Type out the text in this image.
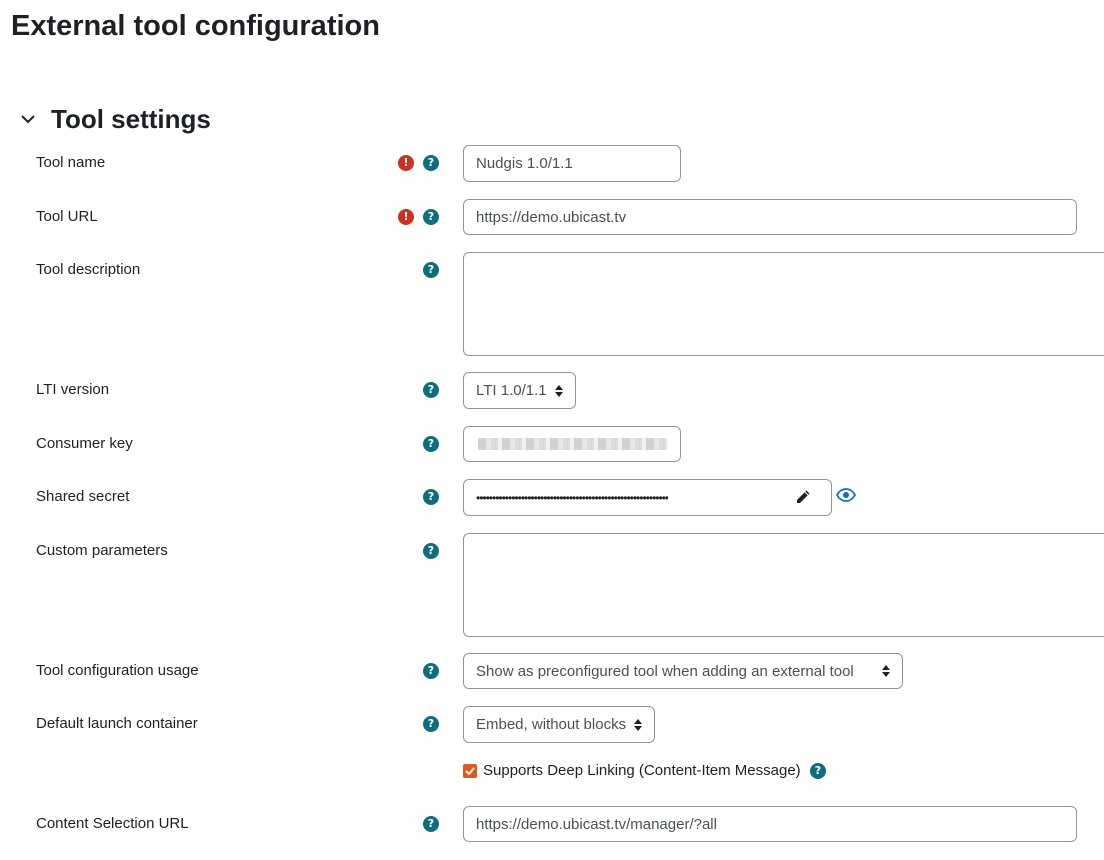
External tool configuration
Tool settings
Tool name	!	?	Nudgis 1.0/1.1
Tool URL	!	?	https://demo.ubicast.tv
Tool description	?
LTI version	?	LTI 1.0/1.1
Consumer key	?
Shared secret	?	••••••••••••••••••••••••••••••••••••••••••••••••••••••••••••
Custom parameters	?
Tool configuration usage	?	Show as preconfigured tool when adding an external tool
Default launch container	?	Embed, without blocks
Supports Deep Linking (Content-Item Message)	?
Content Selection URL	?	https://demo.ubicast.tv/manager/?all
